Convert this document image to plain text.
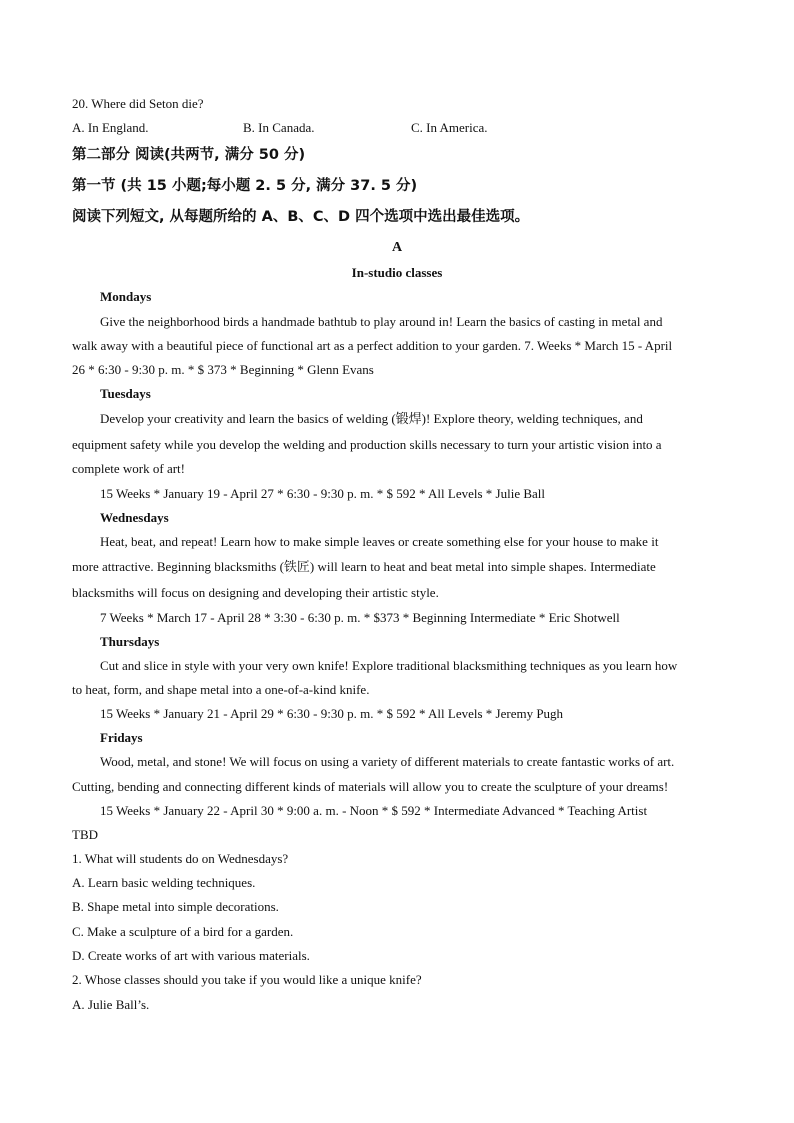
20. Where did Seton die?
A. In England.	B. In Canada.	C. In America.
第二部分 阅读(共两节, 满分 50 分)
第一节 (共 15 小题;每小题 2. 5 分, 满分 37. 5 分)
阅读下列短文, 从每题所给的 A、B、C、D 四个选项中选出最佳选项。
A
In-studio classes
Mondays
Give the neighborhood birds a handmade bathtub to play around in! Learn the basics of casting in metal and
walk away with a beautiful piece of functional art as a perfect addition to your garden. 7. Weeks * March 15 - April
26 * 6:30 - 9:30 p. m. * $ 373 * Beginning * Glenn Evans
Tuesdays
Develop your creativity and learn the basics of welding (锻焊)! Explore theory, welding techniques, and
equipment safety while you develop the welding and production skills necessary to turn your artistic vision into a
complete work of art!
15 Weeks * January 19 - April 27 * 6:30 - 9:30 p. m. * $ 592 * All Levels * Julie Ball
Wednesdays
Heat, beat, and repeat! Learn how to make simple leaves or create something else for your house to make it
more attractive. Beginning blacksmiths (铁匠) will learn to heat and beat metal into simple shapes. Intermediate
blacksmiths will focus on designing and developing their artistic style.
7 Weeks * March 17 - April 28 * 3:30 - 6:30 p. m. * $373 * Beginning Intermediate * Eric Shotwell
Thursdays
Cut and slice in style with your very own knife! Explore traditional blacksmithing techniques as you learn how
to heat, form, and shape metal into a one-of-a-kind knife.
15 Weeks * January 21 - April 29 * 6:30 - 9:30 p. m. * $ 592 * All Levels * Jeremy Pugh
Fridays
Wood, metal, and stone! We will focus on using a variety of different materials to create fantastic works of art.
Cutting, bending and connecting different kinds of materials will allow you to create the sculpture of your dreams!
15 Weeks * January 22 - April 30 * 9:00 a. m. - Noon * $ 592 * Intermediate Advanced * Teaching Artist
TBD
1. What will students do on Wednesdays?
A. Learn basic welding techniques.
B. Shape metal into simple decorations.
C. Make a sculpture of a bird for a garden.
D. Create works of art with various materials.
2. Whose classes should you take if you would like a unique knife?
A. Julie Ball’s.
